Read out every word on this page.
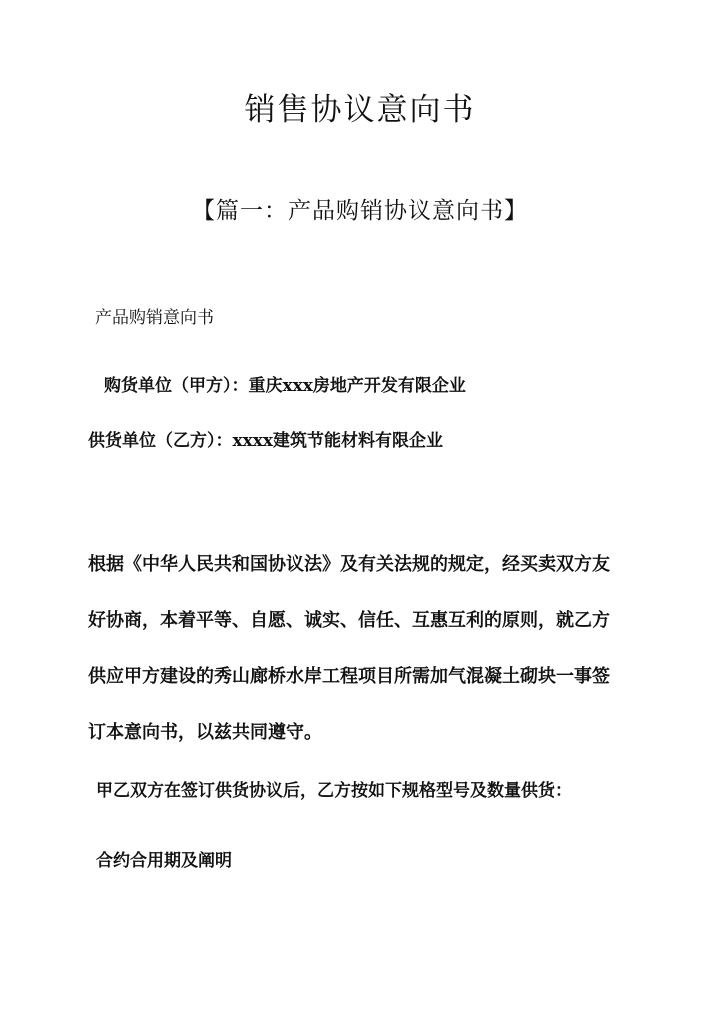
销售协议意向书
【篇一：产品购销协议意向书】

产品购销意向书

购货单位（甲方）：重庆xxx房地产开发有限企业

供货单位（乙方）：xxxx建筑节能材料有限企业

根据《中华人民共和国协议法》及有关法规的规定，经买卖双方友
好协商，本着平等、自愿、诚实、信任、互惠互利的原则，就乙方
供应甲方建设的秀山廊桥水岸工程项目所需加气混凝土砌块一事签
订本意向书，以兹共同遵守。

甲乙双方在签订供货协议后，乙方按如下规格型号及数量供货：

合约合用期及阐明
